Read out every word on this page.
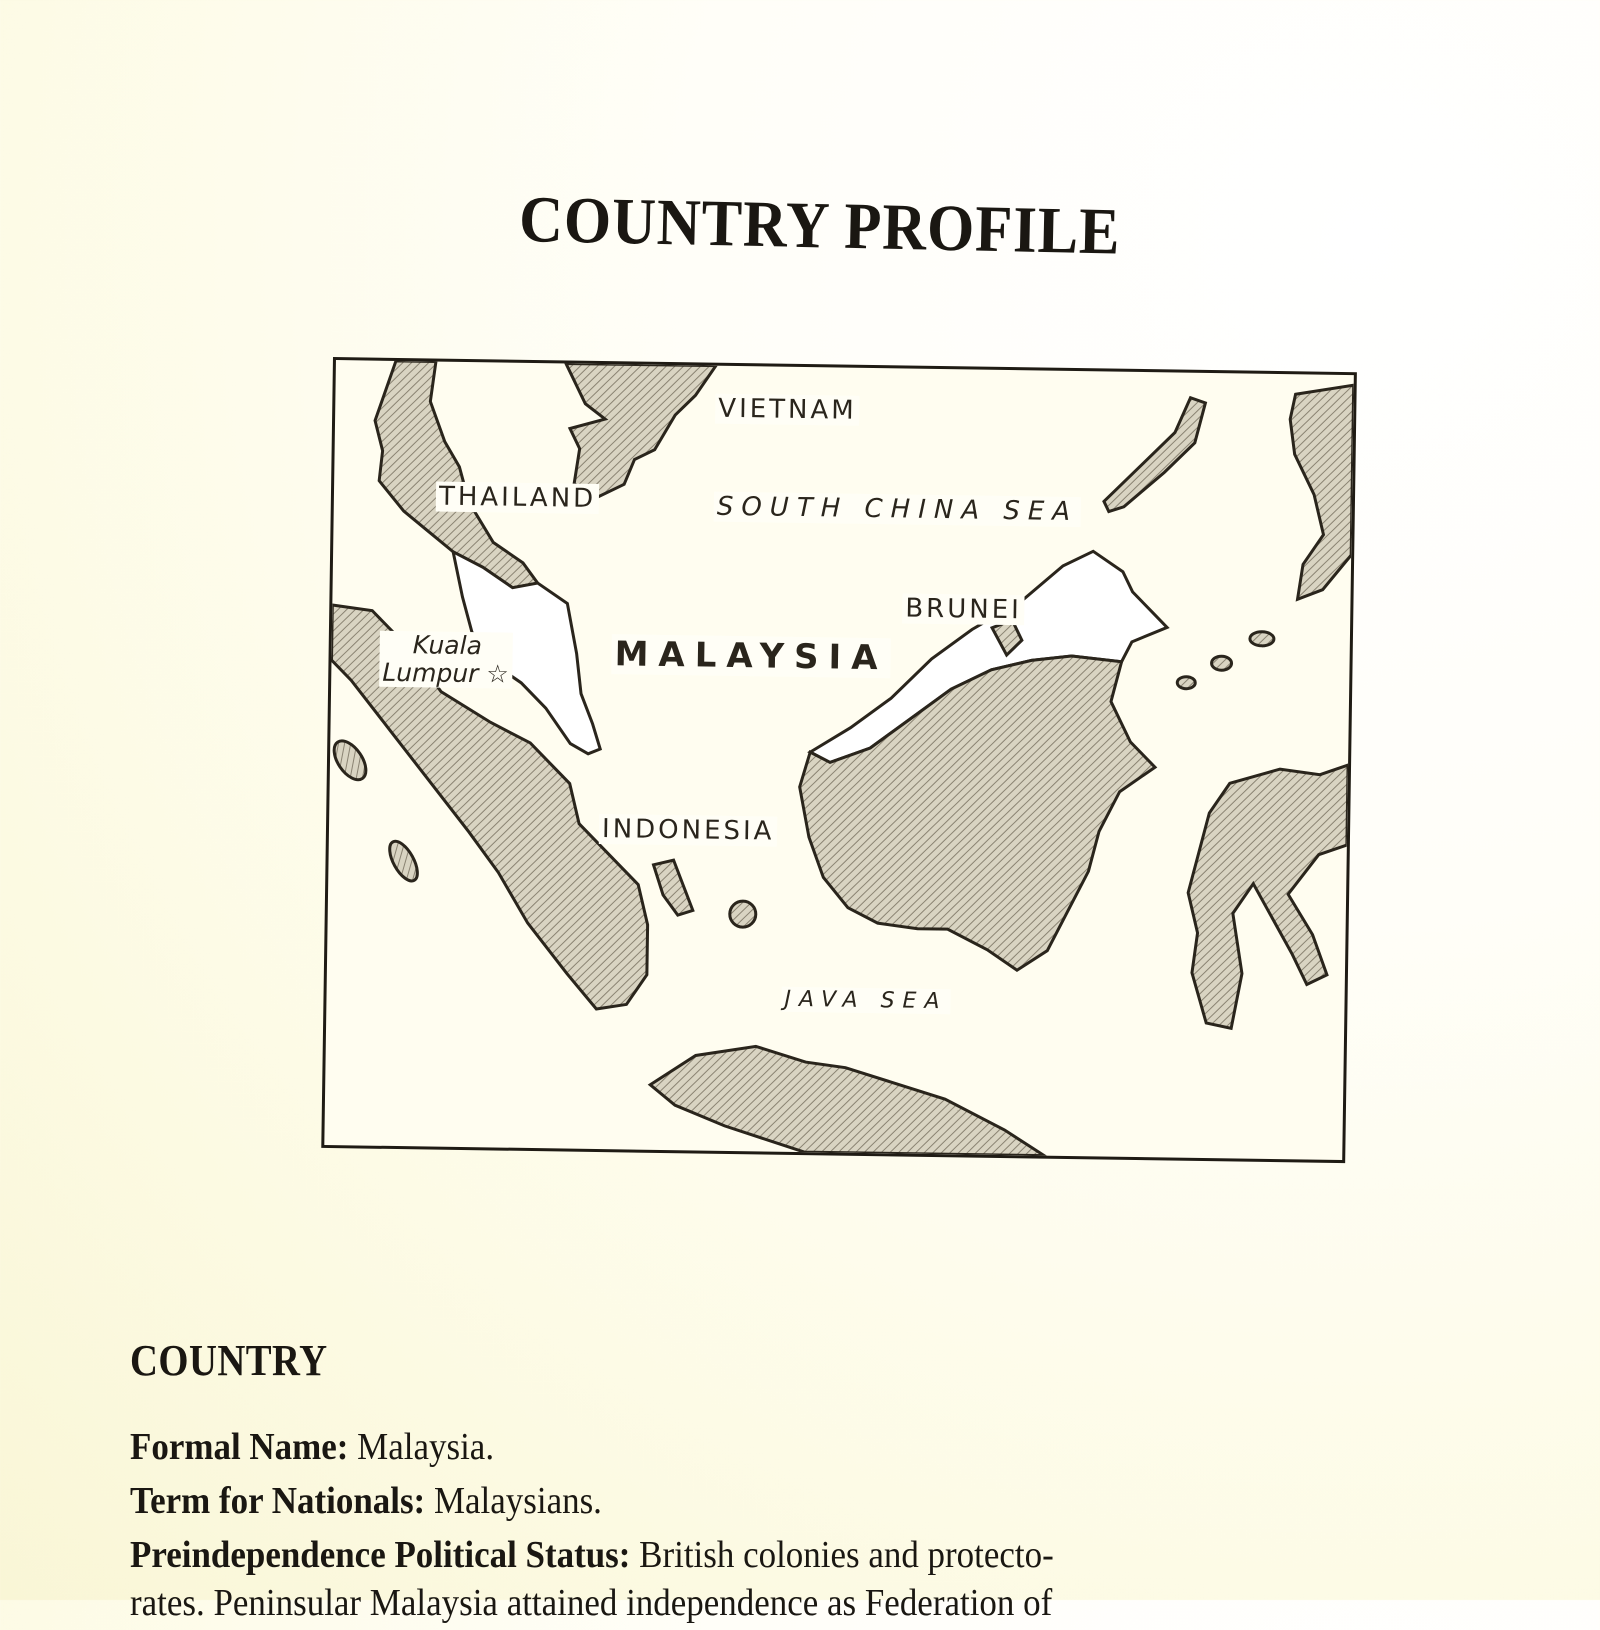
COUNTRY PROFILE
VIETNAM
THAILAND	SOUTH CHINA SEA
BRUNEI
MALAYSIA
Kuala
Lumpur ☆
INDONESIA
JAVA SEA
COUNTRY
Formal Name: Malaysia.
Term for Nationals: Malaysians.
Preindependence Political Status: British colonies and protecto-
rates. Peninsular Malaysia attained independence as Federation of
